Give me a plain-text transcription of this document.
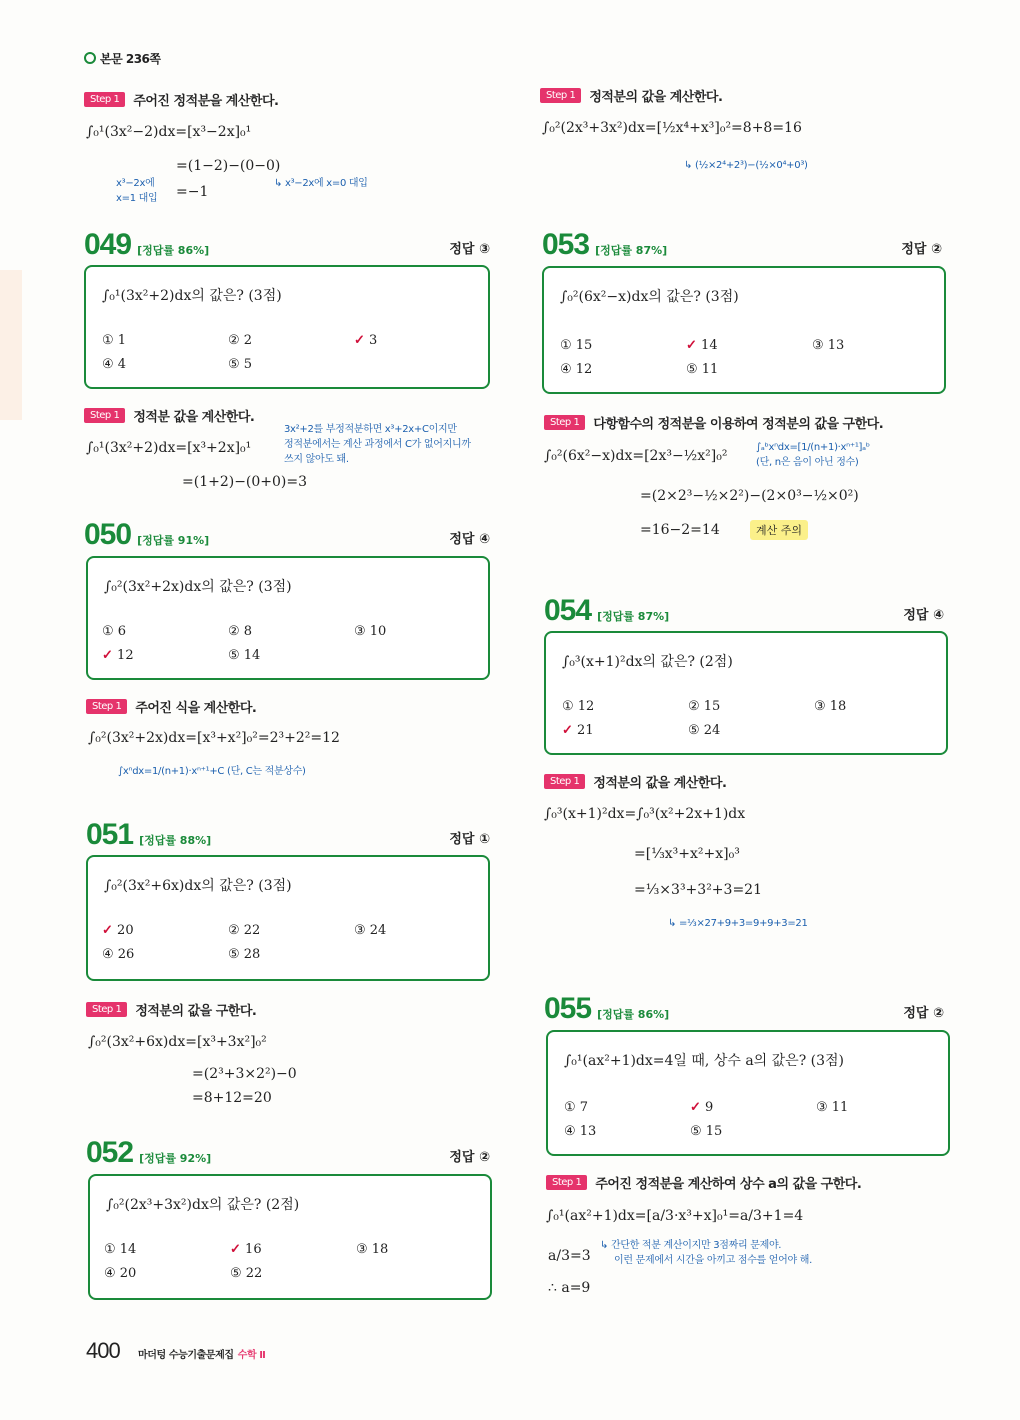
본문 236쪽
Step 1	주어진 정적분을 계산한다.
∫₀¹(3x²−2)dx=[x³−2x]₀¹
=(1−2)−(0−0)
=−1
x³−2x에
x=1 대입
↳ x³−2x에 x=0 대입
049 [정답률 86%]	정답 ③
∫₀¹(3x²+2)dx의 값은? (3점)
① 1	② 2	✓ 3
④ 4	⑤ 5
Step 1	정적분 값을 계산한다.
∫₀¹(3x²+2)dx=[x³+2x]₀¹
=(1+2)−(0+0)=3
3x²+2를 부정적분하면 x³+2x+C이지만
정적분에서는 계산 과정에서 C가 없어지니까
쓰지 않아도 돼.
050 [정답률 91%]	정답 ④
∫₀²(3x²+2x)dx의 값은? (3점)
① 6	② 8	③ 10
✓ 12	⑤ 14
Step 1	주어진 식을 계산한다.
∫₀²(3x²+2x)dx=[x³+x²]₀²=2³+2²=12
∫xⁿdx=1/(n+1)·xⁿ⁺¹+C (단, C는 적분상수)
051 [정답률 88%]	정답 ①
∫₀²(3x²+6x)dx의 값은? (3점)
✓ 20	② 22	③ 24
④ 26	⑤ 28
Step 1	정적분의 값을 구한다.
∫₀²(3x²+6x)dx=[x³+3x²]₀²
=(2³+3×2²)−0
=8+12=20
052 [정답률 92%]	정답 ②
∫₀²(2x³+3x²)dx의 값은? (2점)
① 14	✓ 16	③ 18
④ 20	⑤ 22
Step 1	정적분의 값을 계산한다.
∫₀²(2x³+3x²)dx=[½x⁴+x³]₀²=8+8=16
↳ (½×2⁴+2³)−(½×0⁴+0³)
053 [정답률 87%]	정답 ②
∫₀²(6x²−x)dx의 값은? (3점)
① 15	✓ 14	③ 13
④ 12	⑤ 11
Step 1	다항함수의 정적분을 이용하여 정적분의 값을 구한다.
∫₀²(6x²−x)dx=[2x³−½x²]₀²
=(2×2³−½×2²)−(2×0³−½×0²)
=16−2=14
∫ₐᵇxⁿdx=[1/(n+1)·xⁿ⁺¹]ₐᵇ
(단, n은 음이 아닌 정수)
계산 주의
054 [정답률 87%]	정답 ④
∫₀³(x+1)²dx의 값은? (2점)
① 12	② 15	③ 18
✓ 21	⑤ 24
Step 1	정적분의 값을 계산한다.
∫₀³(x+1)²dx=∫₀³(x²+2x+1)dx
=[⅓x³+x²+x]₀³
=⅓×3³+3²+3=21
↳ =⅓×27+9+3=9+9+3=21
055 [정답률 86%]	정답 ②
∫₀¹(ax²+1)dx=4일 때, 상수 a의 값은? (3점)
① 7	✓ 9	③ 11
④ 13	⑤ 15
Step 1	주어진 정적분을 계산하여 상수 a의 값을 구한다.
∫₀¹(ax²+1)dx=[a/3·x³+x]₀¹=a/3+1=4
a/3=3
∴ a=9
↳ 간단한 적분 계산이지만 3점짜리 문제야.
이런 문제에서 시간을 아끼고 점수를 얻어야 해.
400 마더텅 수능기출문제집 수학 Ⅱ
